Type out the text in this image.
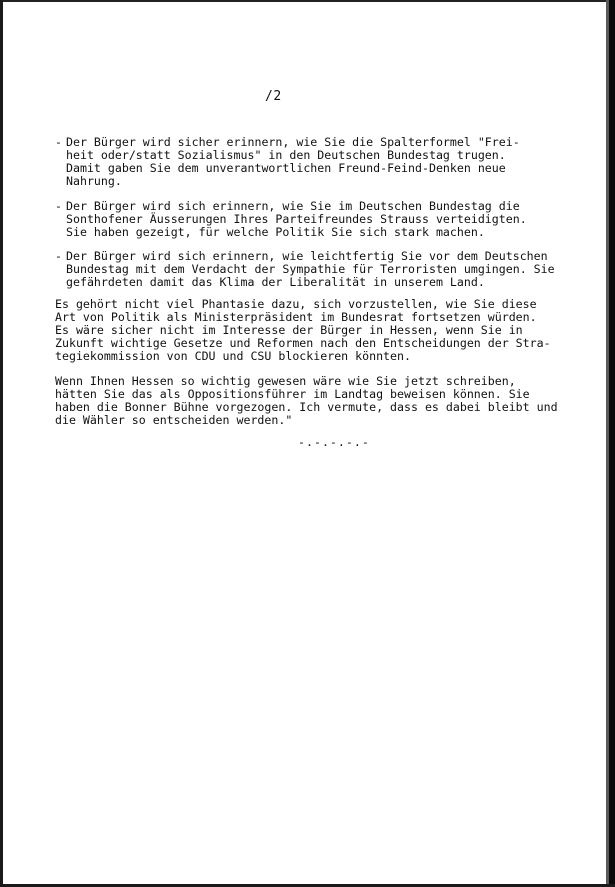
/2
- Der Bürger wird sicher erinnern, wie Sie die Spalterformel "Frei-
heit oder/statt Sozialismus" in den Deutschen Bundestag trugen.
Damit gaben Sie dem unverantwortlichen Freund-Feind-Denken neue
Nahrung.
- Der Bürger wird sich erinnern, wie Sie im Deutschen Bundestag die
Sonthofener Äusserungen Ihres Parteifreundes Strauss verteidigten.
Sie haben gezeigt, für welche Politik Sie sich stark machen.
- Der Bürger wird sich erinnern, wie leichtfertig Sie vor dem Deutschen
Bundestag mit dem Verdacht der Sympathie für Terroristen umgingen. Sie
gefährdeten damit das Klima der Liberalität in unserem Land.
Es gehört nicht viel Phantasie dazu, sich vorzustellen, wie Sie diese
Art von Politik als Ministerpräsident im Bundesrat fortsetzen würden.
Es wäre sicher nicht im Interesse der Bürger in Hessen, wenn Sie in
Zukunft wichtige Gesetze und Reformen nach den Entscheidungen der Stra-
tegiekommission von CDU und CSU blockieren könnten.
Wenn Ihnen Hessen so wichtig gewesen wäre wie Sie jetzt schreiben,
hätten Sie das als Oppositionsführer im Landtag beweisen können. Sie
haben die Bonner Bühne vorgezogen. Ich vermute, dass es dabei bleibt und
die Wähler so entscheiden werden."
-.-.-.-.-
